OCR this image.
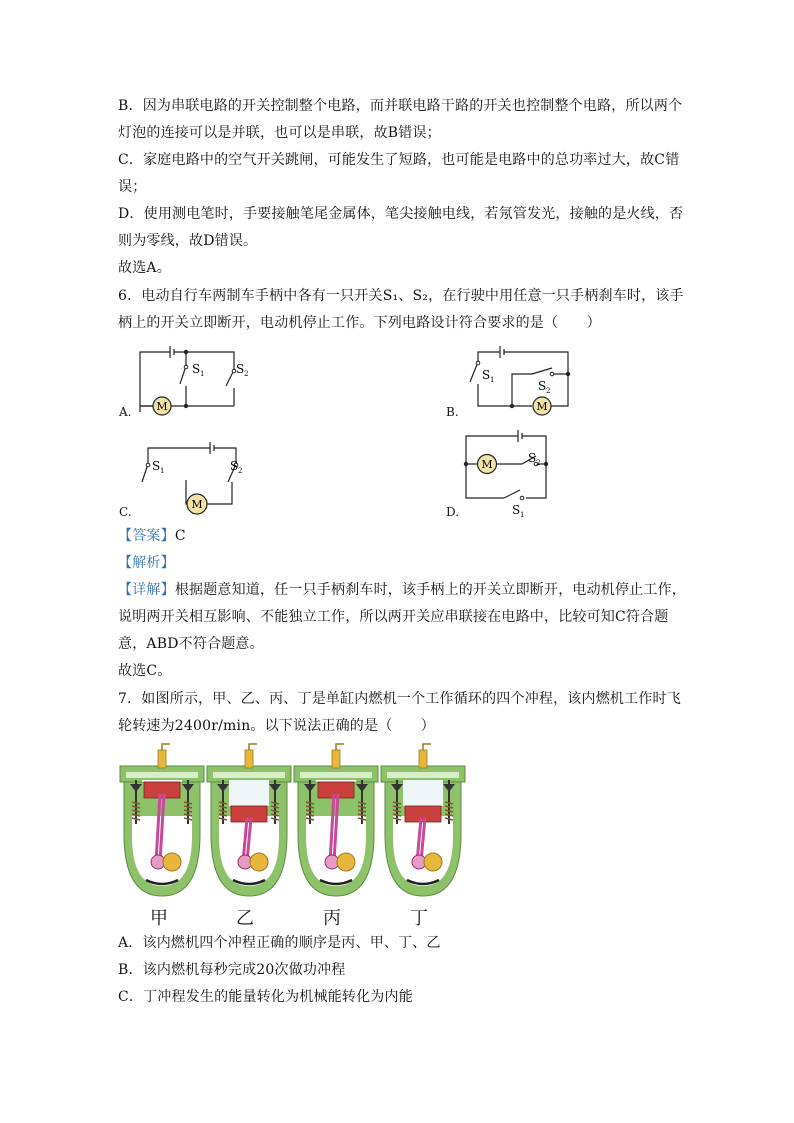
B．因为串联电路的开关控制整个电路，而并联电路干路的开关也控制整个电路，所以两个
灯泡的连接可以是并联，也可以是串联，故B错误；
C．家庭电路中的空气开关跳闸，可能发生了短路，也可能是电路中的总功率过大，故C错
误；
D．使用测电笔时，手要接触笔尾金属体，笔尖接触电线，若氖管发光，接触的是火线，否
则为零线，故D错误。
故选A。
6．电动自行车两制车手柄中各有一只开关S₁、S₂，在行驶中用任意一只手柄刹车时，该手
柄上的开关立即断开，电动机停止工作。下列电路设计符合要求的是（　　）
M
S 1	S 2
A.	M
S 1	S 2
B.
M
S 1	S 2
C.
M	S 2
S 1
D.
【答案】C
【解析】
【详解】根据题意知道，任一只手柄刹车时，该手柄上的开关立即断开，电动机停止工作，
说明两开关相互影响、不能独立工作，所以两开关应串联接在电路中，比较可知C符合题
意，ABD不符合题意。
故选C。
7．如图所示，甲、乙、丙、丁是单缸内燃机一个工作循环的四个冲程，该内燃机工作时飞
轮转速为2400r/min。以下说法正确的是（　　）
甲	乙	丙	丁
A．该内燃机四个冲程正确的顺序是丙、甲、丁、乙
B．该内燃机每秒完成20次做功冲程
C．丁冲程发生的能量转化为机械能转化为内能
